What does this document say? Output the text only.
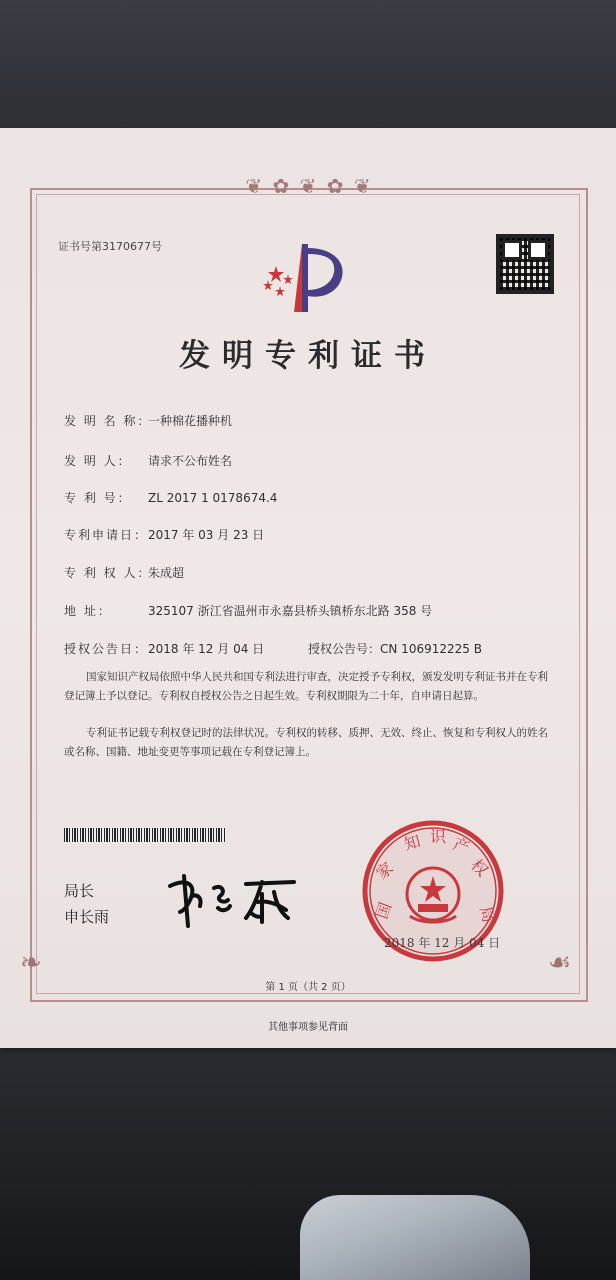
❦ ✿ ❦ ✿ ❦
❧	☙
证书号第3170677号
发明专利证书
发 明 名 称：一种棉花播种机
发 明 人： 请求不公布姓名
专 利 号： ZL 2017 1 0178674.4
专利申请日：2017 年 03 月 23 日
专 利 权 人：朱成超
地 址：	325107 浙江省温州市永嘉县桥头镇桥东北路 358 号
授权公告日：2018 年 12 月 04 日	授权公告号：CN 106912225 B
国家知识产权局依照中华人民共和国专利法进行审查，决定授予专利权，颁发发明专利证书并在专利登记簿上予以登记。专利权自授权公告之日起生效。专利权期限为二十年，自申请日起算。
专利证书记载专利权登记时的法律状况。专利权的转移、质押、无效、终止、恢复和专利权人的姓名或名称、国籍、地址变更等事项记载在专利登记簿上。
局长
申长雨	国
家
知 识 产
权
局
2018 年 12 月 04 日
第 1 页（共 2 页）
其他事项参见背面
